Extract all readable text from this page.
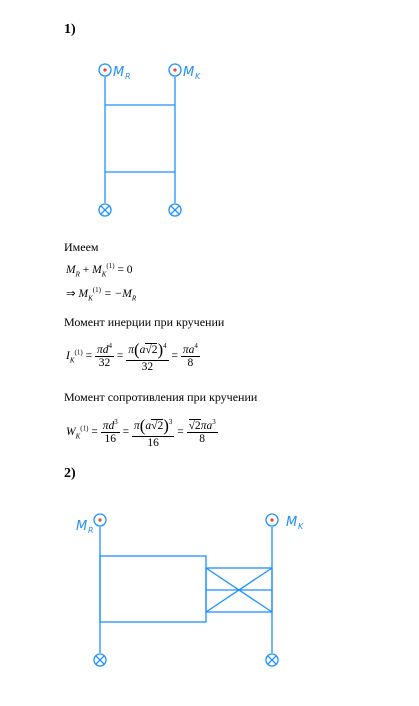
1)
M R	M K
Имеем
$M_R + M_K^{(1)} = 0$
⇒ $M_K^{(1)} = -M_R$
Момент инерции при кручении
$I_K^{(1)} = \frac{\pi d^4}{32} = \frac{\pi(a√2)^4}{32} = \frac{\pi a^4}{8}$
Момент сопротивления при кручении
$W_K^{(1)} = \frac{\pi d^3}{16} = \frac{\pi(a√2)^3}{16} = \frac{√2\pi a^3}{8}$
2)
M R
M K
